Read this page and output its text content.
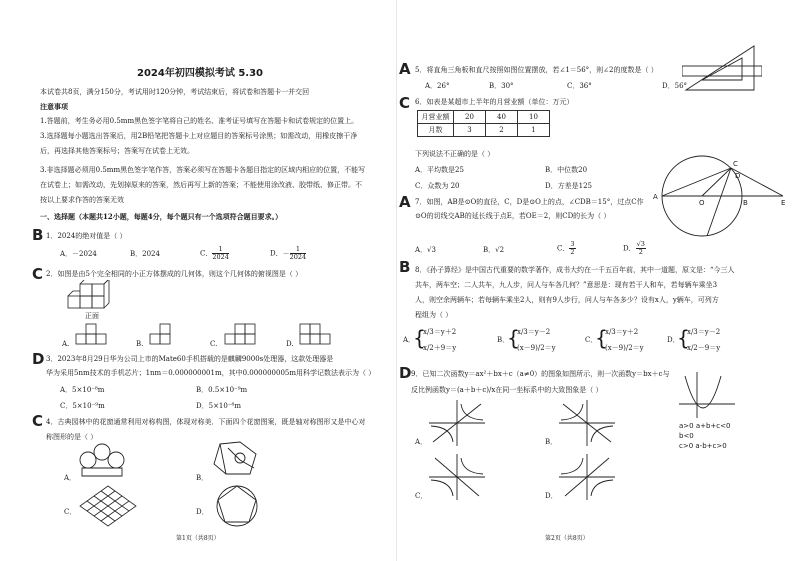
2024年初四模拟考试 5.30
本试卷共8页，满分150分，考试用时120分钟，考试结束后，将试卷和答题卡一并交回
注意事项
1.答题前，考生务必用0.5mm黑色签字笔将自己的姓名、准考证号填写在答题卡和试卷规定的位置上。
3.选择题每小题选出答案后，用2B铅笔把答题卡上对应题目的答案标号涂黑；如需改动，用橡皮擦干净
后，再选择其他答案标号；答案写在试卷上无效。
3.非选择题必须用0.5mm黑色签字笔作答，答案必须写在答题卡各题目指定的区域内相应的位置，不能写
在试卷上；如需改动，先划掉原来的答案，然后再写上新的答案；不能使用涂改液、胶带纸、修正带。不
按以上要求作答的答案无效
一、选择题（本题共12小题，每题4分，每个题只有一个选项符合题目要求。）
B 1．2024的绝对值是（ ）
A．－2024	B．2024	C． $\frac{1}{2024}$	D．－ $\frac{1}{2024}$
C 2．如图是由5个完全相同的小正方体摆成的几何体，则这个几何体的俯视图是（ ）
正面
A.	B.	C.	D.
D 3．2023年8月29日华为公司上市的Mate60手机搭载的是麒麟9000s处理器，这款处理器是
华为采用5nm技术的手机芯片；1nm＝0.000000001m，其中0.000000005m用科学记数法表示为（ ）
A．5×10⁻⁸m	B．0.5×10⁻⁹m
C．5×10⁻⁹m	D．5×10⁻⁸m
C 4．古典园林中的花窗通常利用对称构图，体现对称美．下面四个花窗图案，既是轴对称图形又是中心对
称图形的是（ ）
A．	B．
C．	D．
第1页（共8页）
A 5．将直角三角板和直尺按照如图位置摆放，若∠1＝56°，则∠2的度数是（ ）
A．26°	B．30°	C．36°	D．56°
C 6．如表是某超市上半年的月营业额（单位：万元）
月营业额	20	40	10
月数	3	2	1
下列说法不正确的是（ ）
A．平均数是25	B．中位数20
C．众数为 20	D．方差是125
C
D
A
O	B	E
A 7．如图，AB是⊙O的直径，C，D是⊙O上的点，∠CDB＝15°，过点C作
⊙O的切线交AB的延长线于点E，若OE＝2，则CD的长为（ ）
A．√3	B．√2	C． $\frac{3}{2}$	D． $\frac{√3}{2}$
B 8．《孙子算经》是中国古代重要的数学著作，成书大约在一千五百年前，其中一道题，原文是：“今三人
共车，两车空；二人共车，九人步，问人与车各几何？”意思是：现有若干人和车，若每辆车乘坐3
人，则空余两辆车；若每辆车乘坐2人，则有9人步行，问人与车各多少？设有x人，y辆车，可列方
程组为（ ）
A．
{
x/3＝y＋2
x/2＋9＝y
B．
{
x/3＝y－2
(x－9)/2＝y
C．
{
x/3＝y＋2
(x－9)/2＝y
D．
{
x/3＝y－2
x/2－9＝y
D 9．已知二次函数y＝ax²＋bx＋c（a≠0）的图象如图所示，则一次函数y＝bx＋c与
反比例函数y＝(a＋b＋c)/x在同一坐标系中的大致图象是（ ）
a>0 a+b+c<0
b<0
c>0 a-b+c>0
A．	B．
C．	D．
第2页（共8页）
